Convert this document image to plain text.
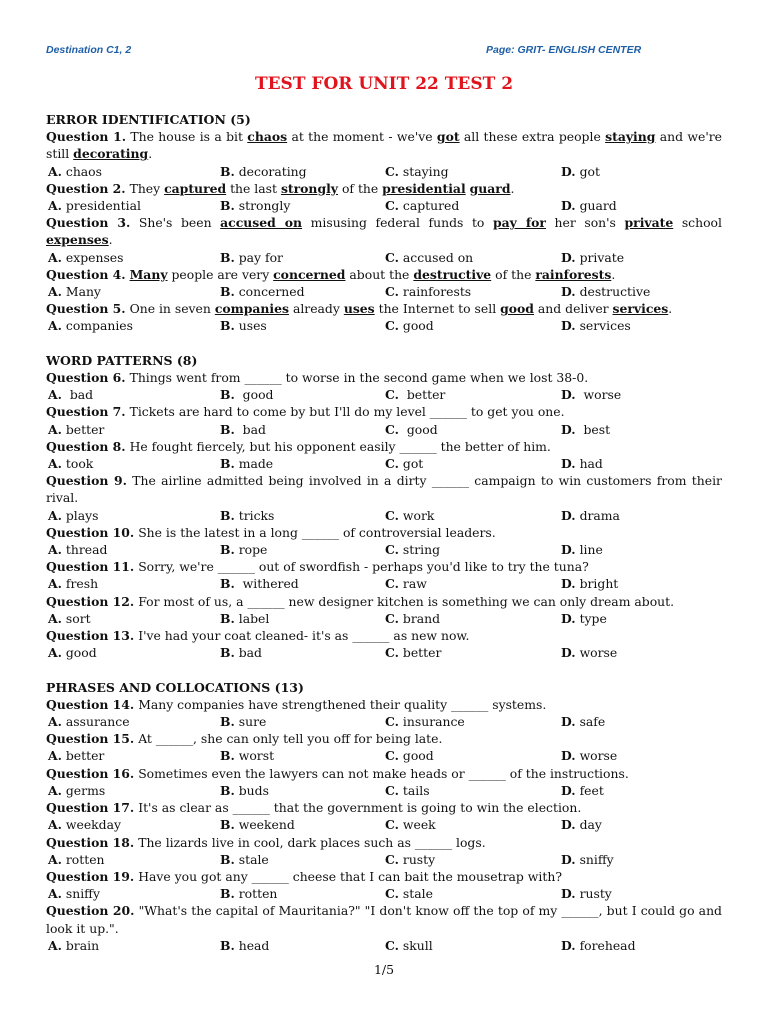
Destination C1, 2	Page: GRIT- ENGLISH CENTER
TEST FOR UNIT 22 TEST 2
ERROR IDENTIFICATION (5)
Question 1. The house is a bit chaos at the moment - we've got all these extra people staying and we're still decorating.
A. chaos	B. decorating	C. staying	D. got
Question 2. They captured the last strongly of the presidential guard.
A. presidential	B. strongly	C. captured	D. guard
Question 3. She's been accused on misusing federal funds to pay for her son's private school expenses.
A. expenses	B. pay for	C. accused on	D. private
Question 4. Many people are very concerned about the destructive of the rainforests.
A. Many	B. concerned	C. rainforests	D. destructive
Question 5. One in seven companies already uses the Internet to sell good and deliver services.
A. companies	B. uses	C. good	D. services
WORD PATTERNS (8)
Question 6. Things went from ______ to worse in the second game when we lost 38-0.
A.  bad	B.  good	C.  better	D.  worse
Question 7. Tickets are hard to come by but I'll do my level ______ to get you one.
A. better	B.  bad	C.  good	D.  best
Question 8. He fought fiercely, but his opponent easily ______ the better of him.
A. took	B. made	C. got	D. had
Question 9. The airline admitted being involved in a dirty ______ campaign to win customers from their rival.
A. plays	B. tricks	C. work	D. drama
Question 10. She is the latest in a long ______ of controversial leaders.
A. thread	B. rope	C. string	D. line
Question 11. Sorry, we're ______ out of swordfish - perhaps you'd like to try the tuna?
A. fresh	B.  withered	C. raw	D. bright
Question 12. For most of us, a ______ new designer kitchen is something we can only dream about.
A. sort	B. label	C. brand	D. type
Question 13. I've had your coat cleaned- it's as ______ as new now.
A. good	B. bad	C. better	D. worse
PHRASES AND COLLOCATIONS (13)
Question 14. Many companies have strengthened their quality ______ systems.
A. assurance	B. sure	C. insurance	D. safe
Question 15. At ______, she can only tell you off for being late.
A. better	B. worst	C. good	D. worse
Question 16. Sometimes even the lawyers can not make heads or ______ of the instructions.
A. germs	B. buds	C. tails	D. feet
Question 17. It's as clear as ______ that the government is going to win the election.
A. weekday	B. weekend	C. week	D. day
Question 18. The lizards live in cool, dark places such as ______ logs.
A. rotten	B. stale	C. rusty	D. sniffy
Question 19. Have you got any ______ cheese that I can bait the mousetrap with?
A. sniffy	B. rotten	C. stale	D. rusty
Question 20. "What's the capital of Mauritania?" "I don't know off the top of my ______, but I could go and look it up.".
A. brain	B. head	C. skull	D. forehead
1/5
